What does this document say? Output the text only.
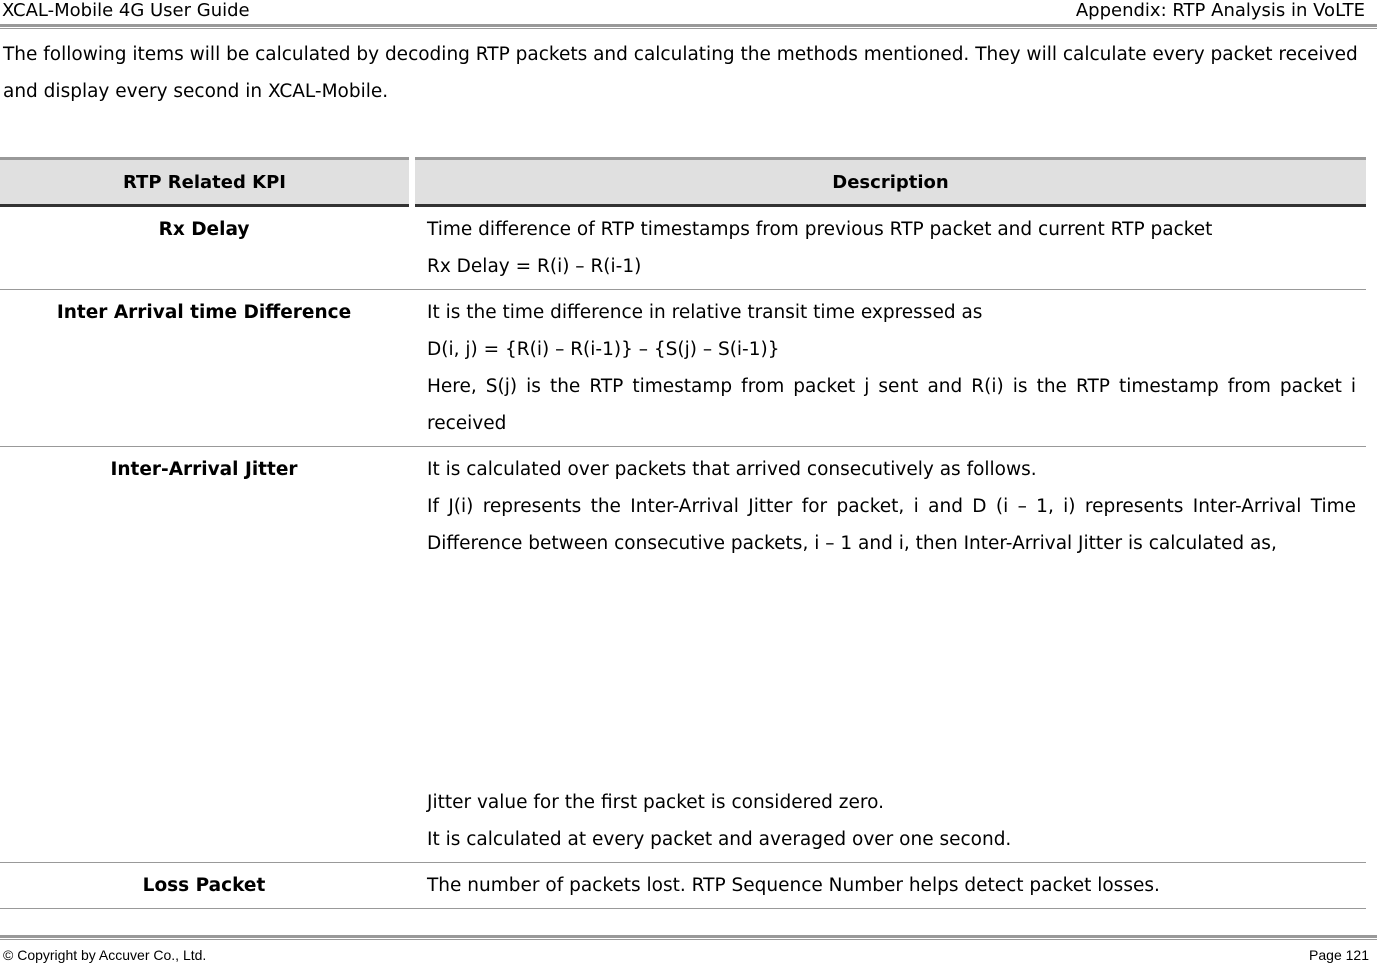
XCAL-Mobile 4G User Guide	Appendix: RTP Analysis in VoLTE

The following items will be calculated by decoding RTP packets and calculating the methods mentioned. They will calculate every packet received and display every second in XCAL-Mobile.

RTP Related KPI	Description
Rx Delay	Time difference of RTP timestamps from previous RTP packet and current RTP packet
Rx Delay = R(i) – R(i-1)

Inter Arrival time Difference	It is the time difference in relative transit time expressed as
D(i, j) = {R(i) – R(i-1)} – {S(j) – S(i-1)}
Here, S(j) is the RTP timestamp from packet j sent and R(i) is the RTP timestamp from packet i received

Inter-Arrival Jitter	It is calculated over packets that arrived consecutively as follows.
If J(i) represents the Inter-Arrival Jitter for packet, i and D (i – 1, i) represents Inter-Arrival Time Difference between consecutive packets, i – 1 and i, then Inter-Arrival Jitter is calculated as,
Jitter value for the first packet is considered zero.
It is calculated at every packet and averaged over one second.

Loss Packet	The number of packets lost. RTP Sequence Number helps detect packet losses.
© Copyright by Accuver Co., Ltd.	Page 121
